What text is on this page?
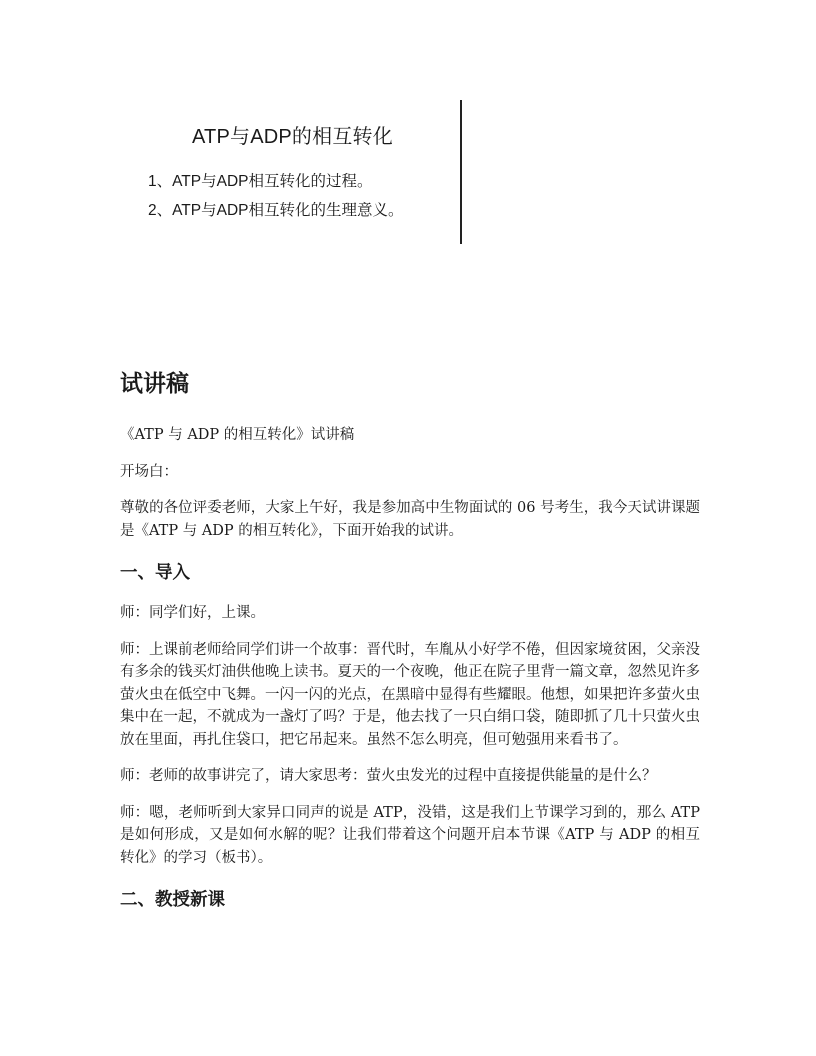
ATP与ADP的相互转化
1、ATP与ADP相互转化的过程。
2、ATP与ADP相互转化的生理意义。
试讲稿

《ATP 与 ADP 的相互转化》试讲稿

开场白：

尊敬的各位评委老师，大家上午好，我是参加高中生物面试的 06 号考生，我今天试讲课题是《ATP 与 ADP 的相互转化》，下面开始我的试讲。

一、导入

师：同学们好，上课。

师：上课前老师给同学们讲一个故事：晋代时，车胤从小好学不倦，但因家境贫困，父亲没有多余的钱买灯油供他晚上读书。夏天的一个夜晚，他正在院子里背一篇文章，忽然见许多萤火虫在低空中飞舞。一闪一闪的光点，在黑暗中显得有些耀眼。他想，如果把许多萤火虫集中在一起，不就成为一盏灯了吗？于是，他去找了一只白绢口袋，随即抓了几十只萤火虫放在里面，再扎住袋口，把它吊起来。虽然不怎么明亮，但可勉强用来看书了。

师：老师的故事讲完了，请大家思考：萤火虫发光的过程中直接提供能量的是什么？

师：嗯，老师听到大家异口同声的说是 ATP，没错，这是我们上节课学习到的，那么 ATP 是如何形成，又是如何水解的呢？让我们带着这个问题开启本节课《ATP 与 ADP 的相互转化》的学习（板书）。

二、教授新课
